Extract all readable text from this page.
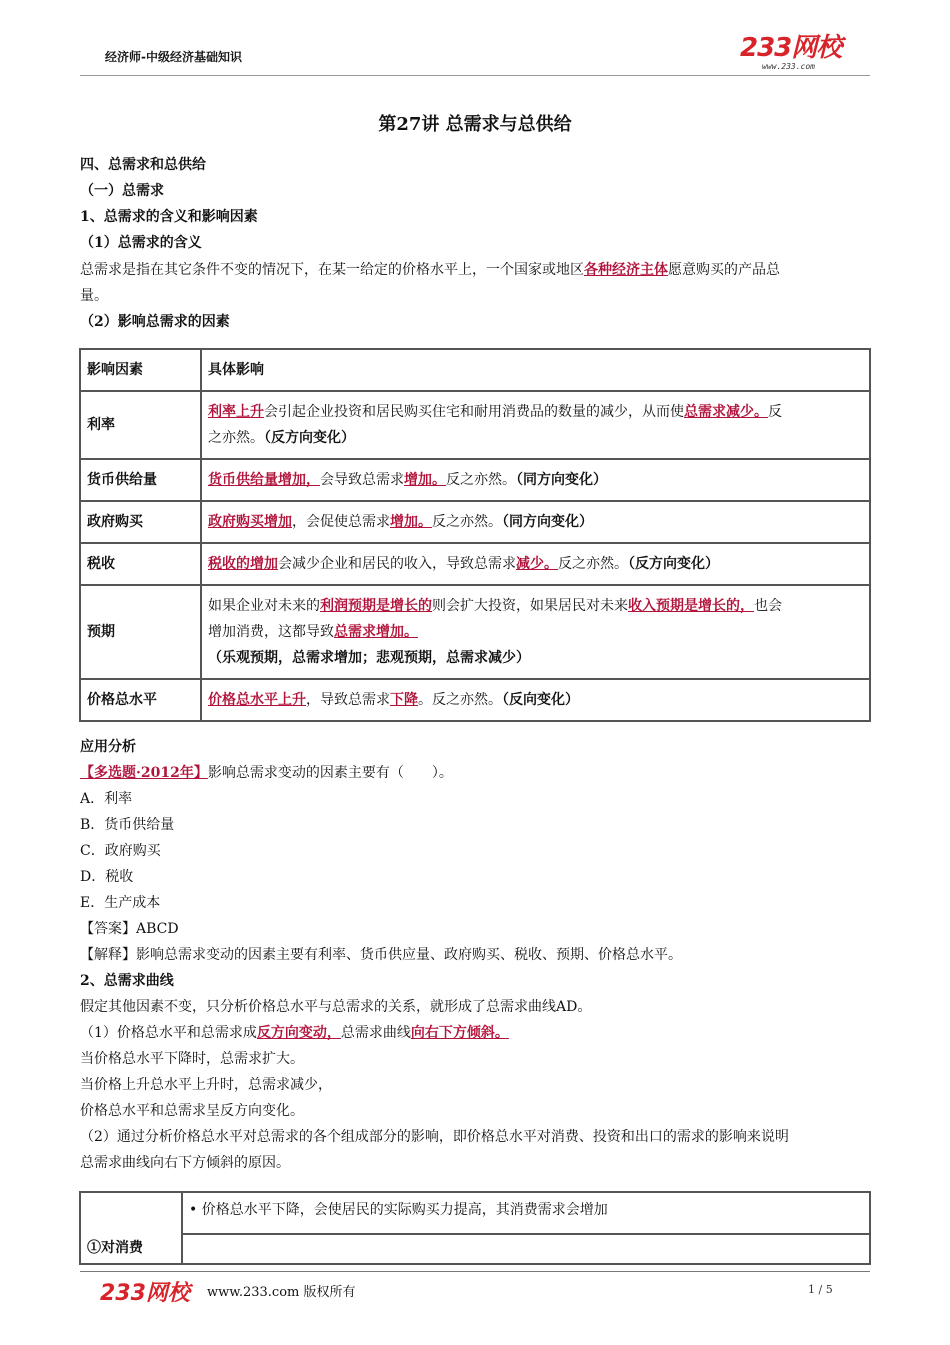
经济师-中级经济基础知识	233网校
www.233.com
第27讲 总需求与总供给
四、总需求和总供给
（一）总需求
1、总需求的含义和影响因素
（1）总需求的含义
总需求是指在其它条件不变的情况下，在某一给定的价格水平上，一个国家或地区各种经济主体愿意购买的产品总
量。
（2）影响总需求的因素
影响因素	具体影响
利率	利率上升会引起企业投资和居民购买住宅和耐用消费品的数量的减少，从而使总需求减少。反
之亦然。（反方向变化）
货币供给量	货币供给量增加，会导致总需求增加。反之亦然。（同方向变化）
政府购买	政府购买增加，会促使总需求增加。反之亦然。（同方向变化）
税收	税收的增加会减少企业和居民的收入，导致总需求减少。反之亦然。（反方向变化）
预期	如果企业对未来的利润预期是增长的则会扩大投资，如果居民对未来收入预期是增长的，也会
增加消费，这都导致总需求增加。
（乐观预期，总需求增加；悲观预期，总需求减少）
价格总水平	价格总水平上升，导致总需求下降。反之亦然。（反向变化）
应用分析
【多选题·2012年】影响总需求变动的因素主要有（　　）。
A．利率
B．货币供给量
C．政府购买
D．税收
E．生产成本
【答案】ABCD
【解释】影响总需求变动的因素主要有利率、货币供应量、政府购买、税收、预期、价格总水平。
2、总需求曲线
假定其他因素不变，只分析价格总水平与总需求的关系，就形成了总需求曲线AD。
（1）价格总水平和总需求成反方向变动，总需求曲线向右下方倾斜。
当价格总水平下降时，总需求扩大。
当价格上升总水平上升时，总需求减少，
价格总水平和总需求呈反方向变化。
（2）通过分析价格总水平对总需求的各个组成部分的影响，即价格总水平对消费、投资和出口的需求的影响来说明
总需求曲线向右下方倾斜的原因。
①对消费	• 价格总水平下降，会使居民的实际购买力提高，其消费需求会增加

233网校 www.233.com 版权所有	1 / 5
